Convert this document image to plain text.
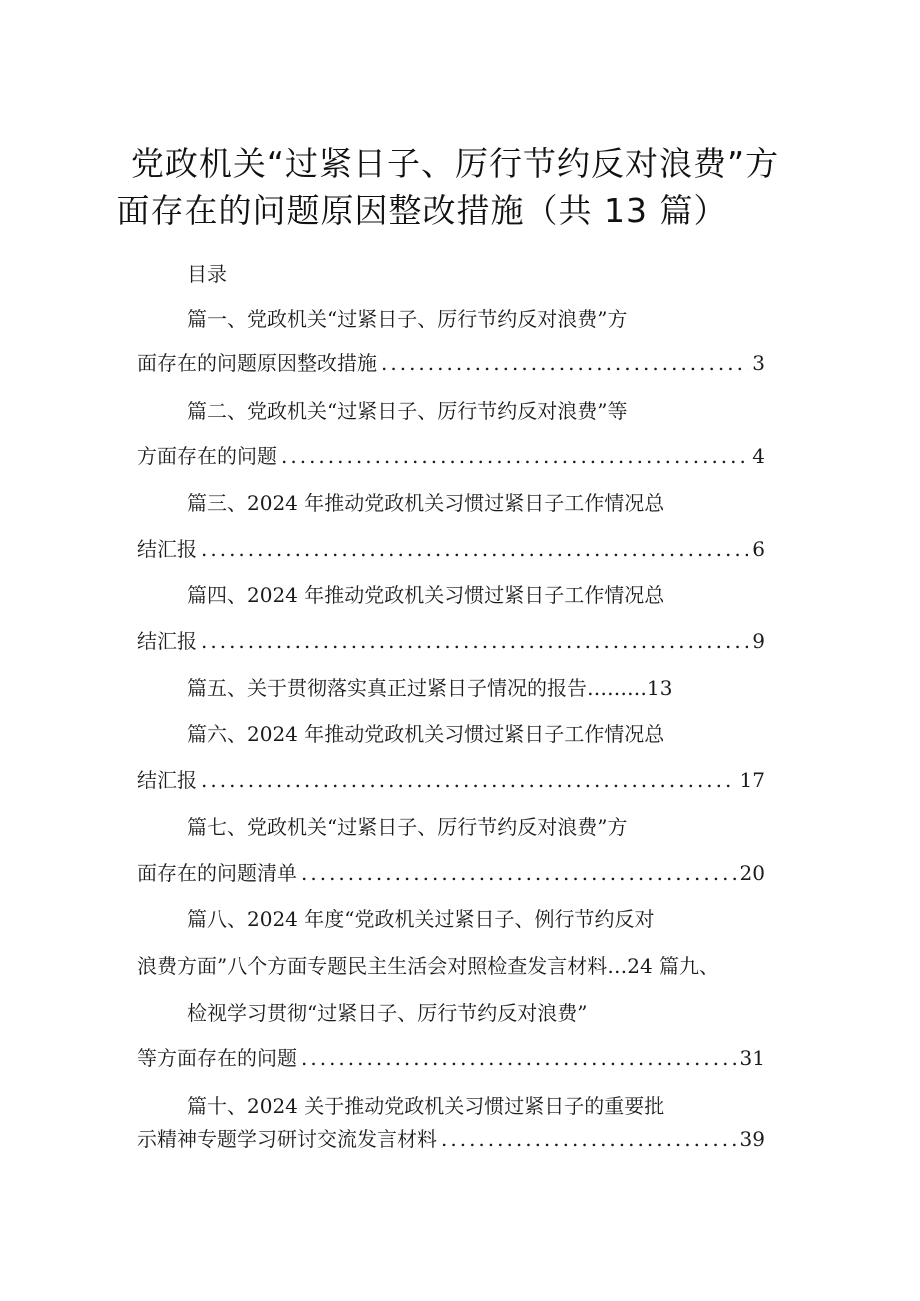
党政机关“过紧日子、厉行节约反对浪费”方
面存在的问题原因整改措施（共 13 篇）
目录
篇一、党政机关“过紧日子、厉行节约反对浪费”方
面存在的问题原因整改措施 .....	3
篇二、党政机关“过紧日子、厉行节约反对浪费”等
方面存在的问题 .....	4
篇三、2024 年推动党政机关习惯过紧日子工作情况总
结汇报 .....	6
篇四、2024 年推动党政机关习惯过紧日子工作情况总
结汇报 .....	9
篇五、关于贯彻落实真正过紧日子情况的报告………13
篇六、2024 年推动党政机关习惯过紧日子工作情况总
结汇报 .....	17
篇七、党政机关“过紧日子、厉行节约反对浪费”方
面存在的问题清单 .....	20
篇八、2024 年度“党政机关过紧日子、例行节约反对
浪费方面”八个方面专题民主生活会对照检查发言材料…24 篇九、
检视学习贯彻“过紧日子、厉行节约反对浪费”
等方面存在的问题 .....	31
篇十、2024 关于推动党政机关习惯过紧日子的重要批
示精神专题学习研讨交流发言材料 .....	39
